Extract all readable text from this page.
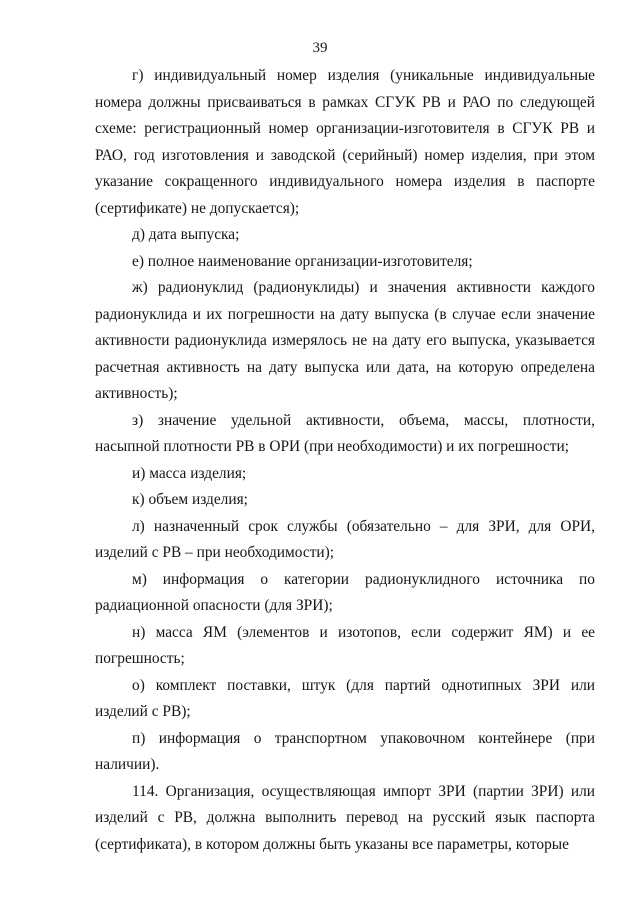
39

г) индивидуальный номер изделия (уникальные индивидуальные номера должны присваиваться в рамках СГУК РВ и РАО по следующей схеме: регистрационный номер организации-изготовителя в СГУК РВ и РАО, год изготовления и заводской (серийный) номер изделия, при этом указание сокращенного индивидуального номера изделия в паспорте (сертификате) не допускается);

д) дата выпуска;

е) полное наименование организации-изготовителя;

ж) радионуклид (радионуклиды) и значения активности каждого радионуклида и их погрешности на дату выпуска (в случае если значение активности радионуклида измерялось не на дату его выпуска, указывается расчетная активность на дату выпуска или дата, на которую определена активность);

з) значение удельной активности, объема, массы, плотности, насыпной плотности РВ в ОРИ (при необходимости) и их погрешности;

и) масса изделия;

к) объем изделия;

л) назначенный срок службы (обязательно – для ЗРИ, для ОРИ, изделий с РВ – при необходимости);

м) информация о категории радионуклидного источника по радиационной опасности (для ЗРИ);

н) масса ЯМ (элементов и изотопов, если содержит ЯМ) и ее погрешность;

о) комплект поставки, штук (для партий однотипных ЗРИ или изделий с РВ);

п) информация о транспортном упаковочном контейнере (при наличии).

114. Организация, осуществляющая импорт ЗРИ (партии ЗРИ) или изделий с РВ, должна выполнить перевод на русский язык паспорта (сертификата), в котором должны быть указаны все параметры, которые
